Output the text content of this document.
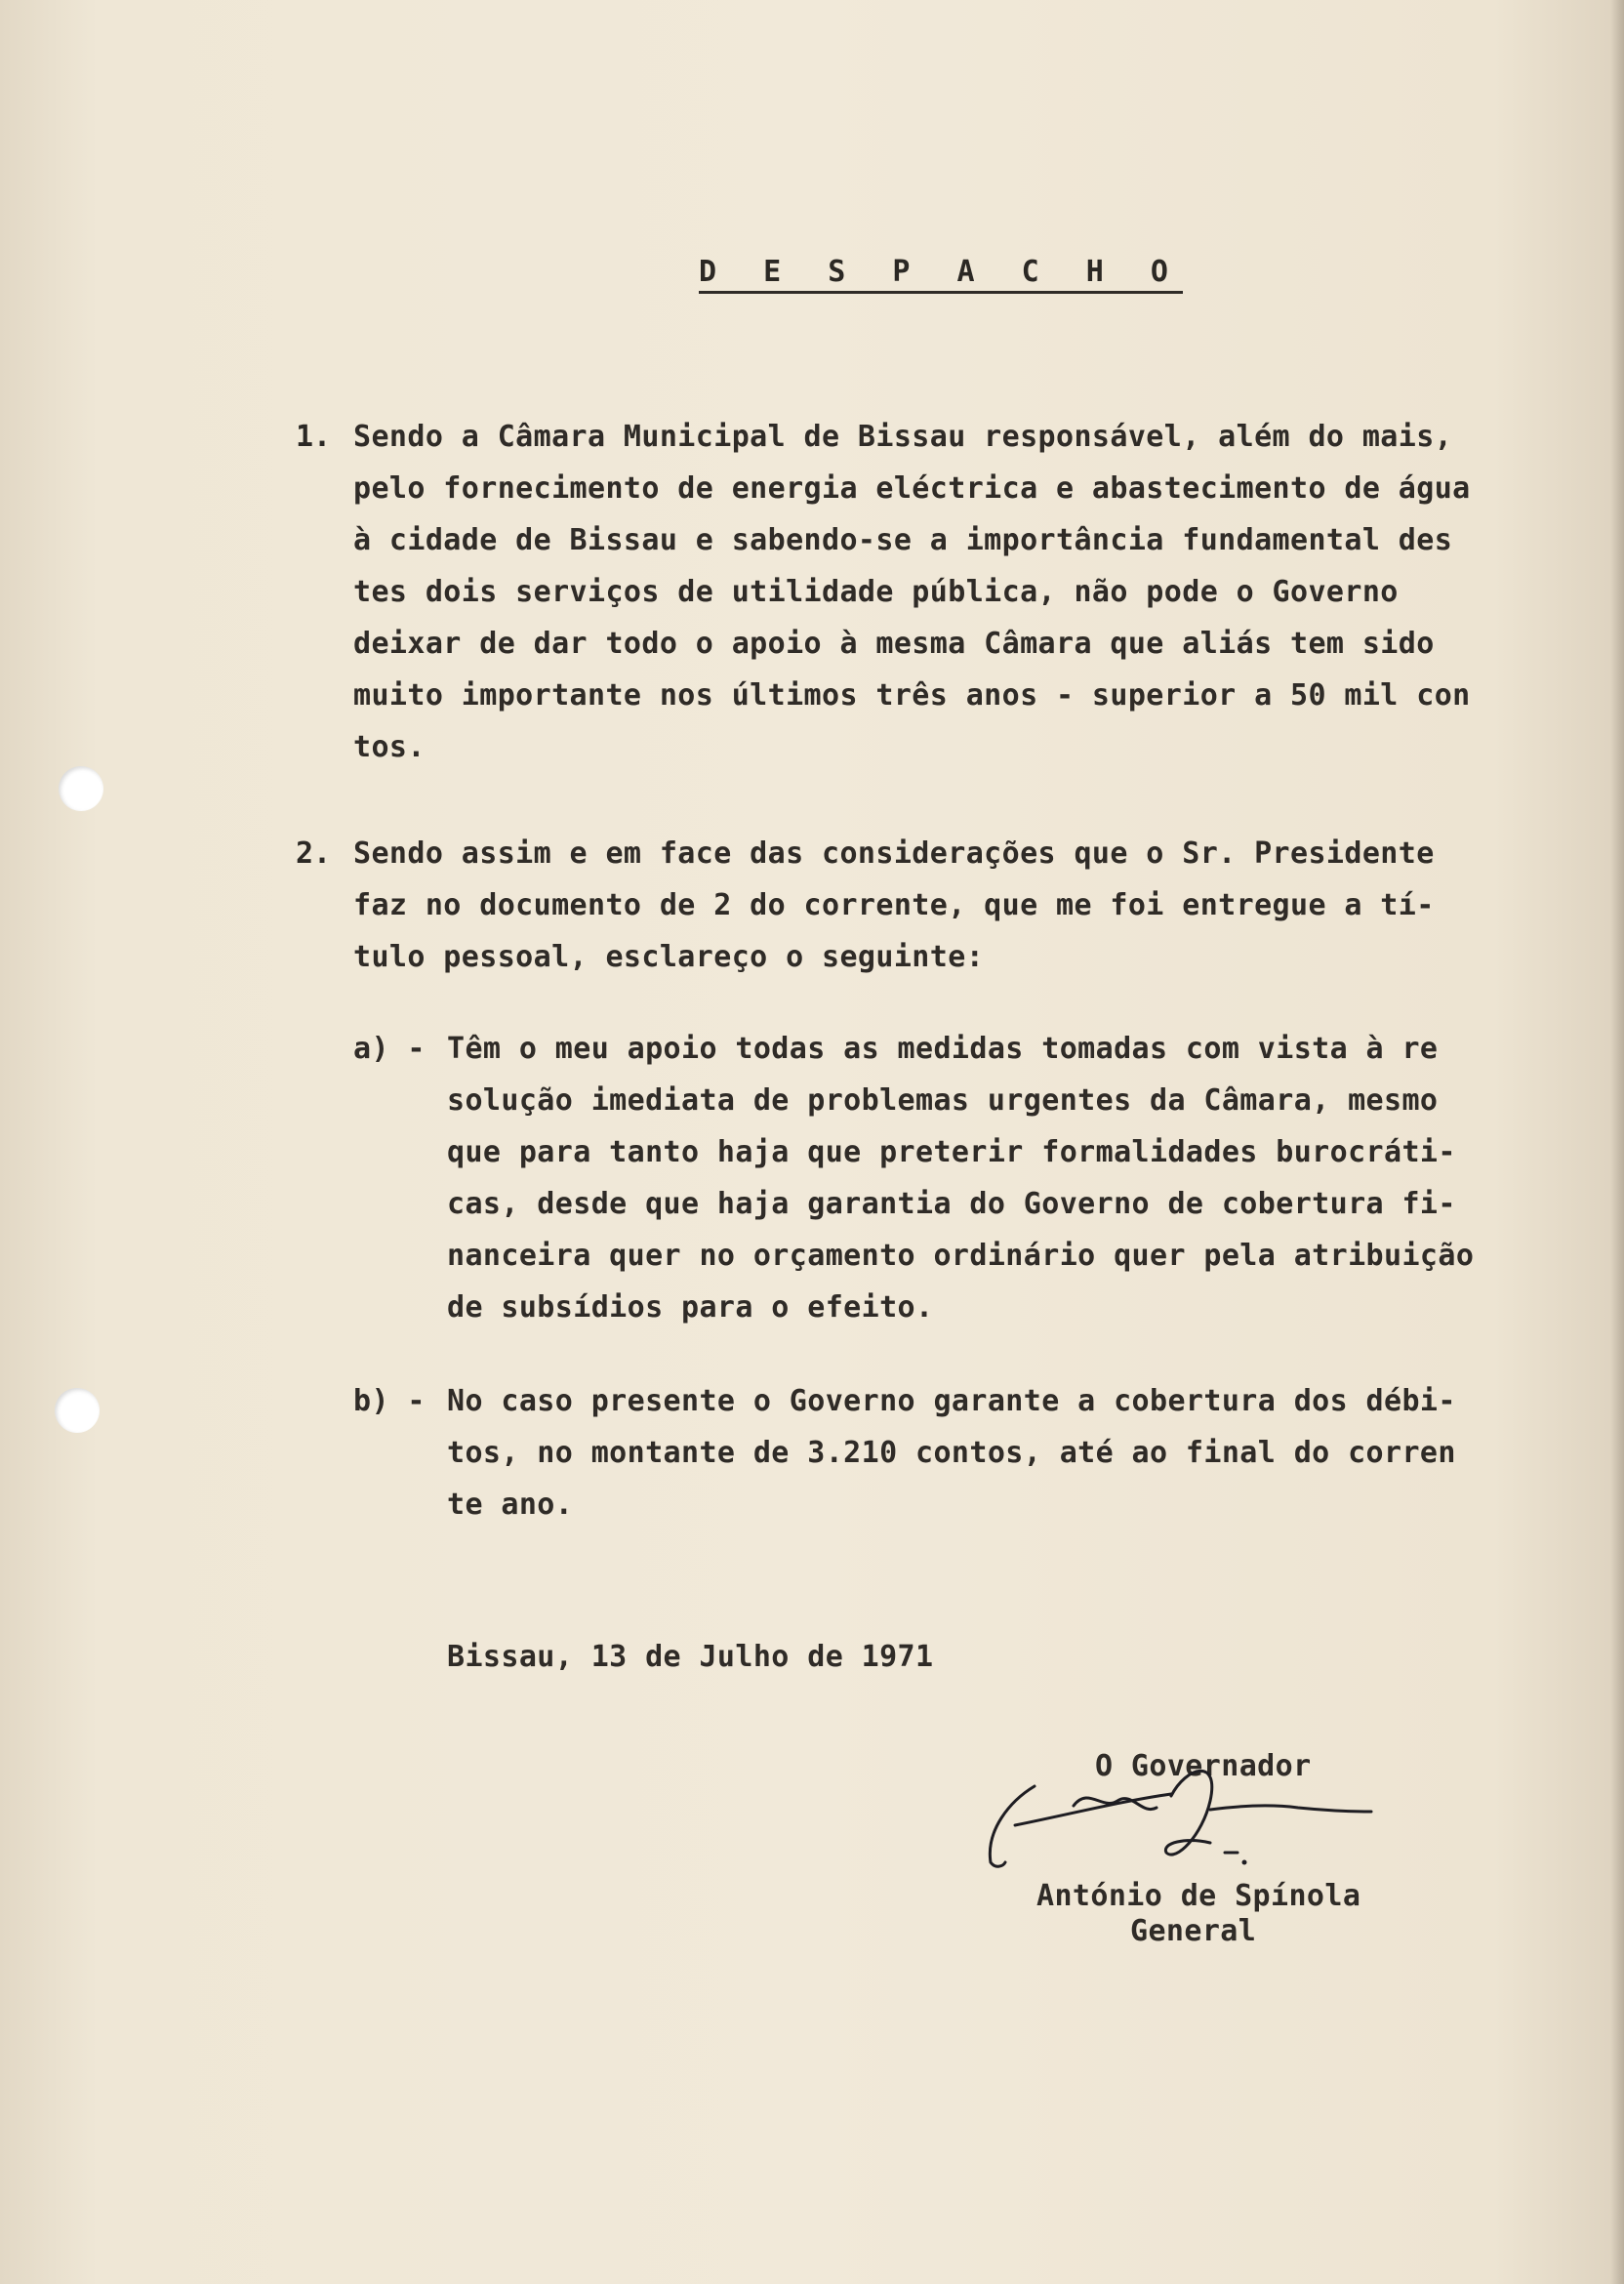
D E S P A C H O
1. Sendo a Câmara Municipal de Bissau responsável, além do mais,
pelo fornecimento de energia eléctrica e abastecimento de água
à cidade de Bissau e sabendo-se a importância fundamental des
tes dois serviços de utilidade pública, não pode o Governo
deixar de dar todo o apoio à mesma Câmara que aliás tem sido
muito importante nos últimos três anos - superior a 50 mil con
tos.
2. Sendo assim e em face das considerações que o Sr. Presidente
faz no documento de 2 do corrente, que me foi entregue a tí-
tulo pessoal, esclareço o seguinte:
a) - Têm o meu apoio todas as medidas tomadas com vista à re
solução imediata de problemas urgentes da Câmara, mesmo
que para tanto haja que preterir formalidades burocráti-
cas, desde que haja garantia do Governo de cobertura fi-
nanceira quer no orçamento ordinário quer pela atribuição
de subsídios para o efeito.
b) - No caso presente o Governo garante a cobertura dos débi-
tos, no montante de 3.210 contos, até ao final do corren
te ano.
Bissau, 13 de Julho de 1971
O Governador
António de Spínola
General
